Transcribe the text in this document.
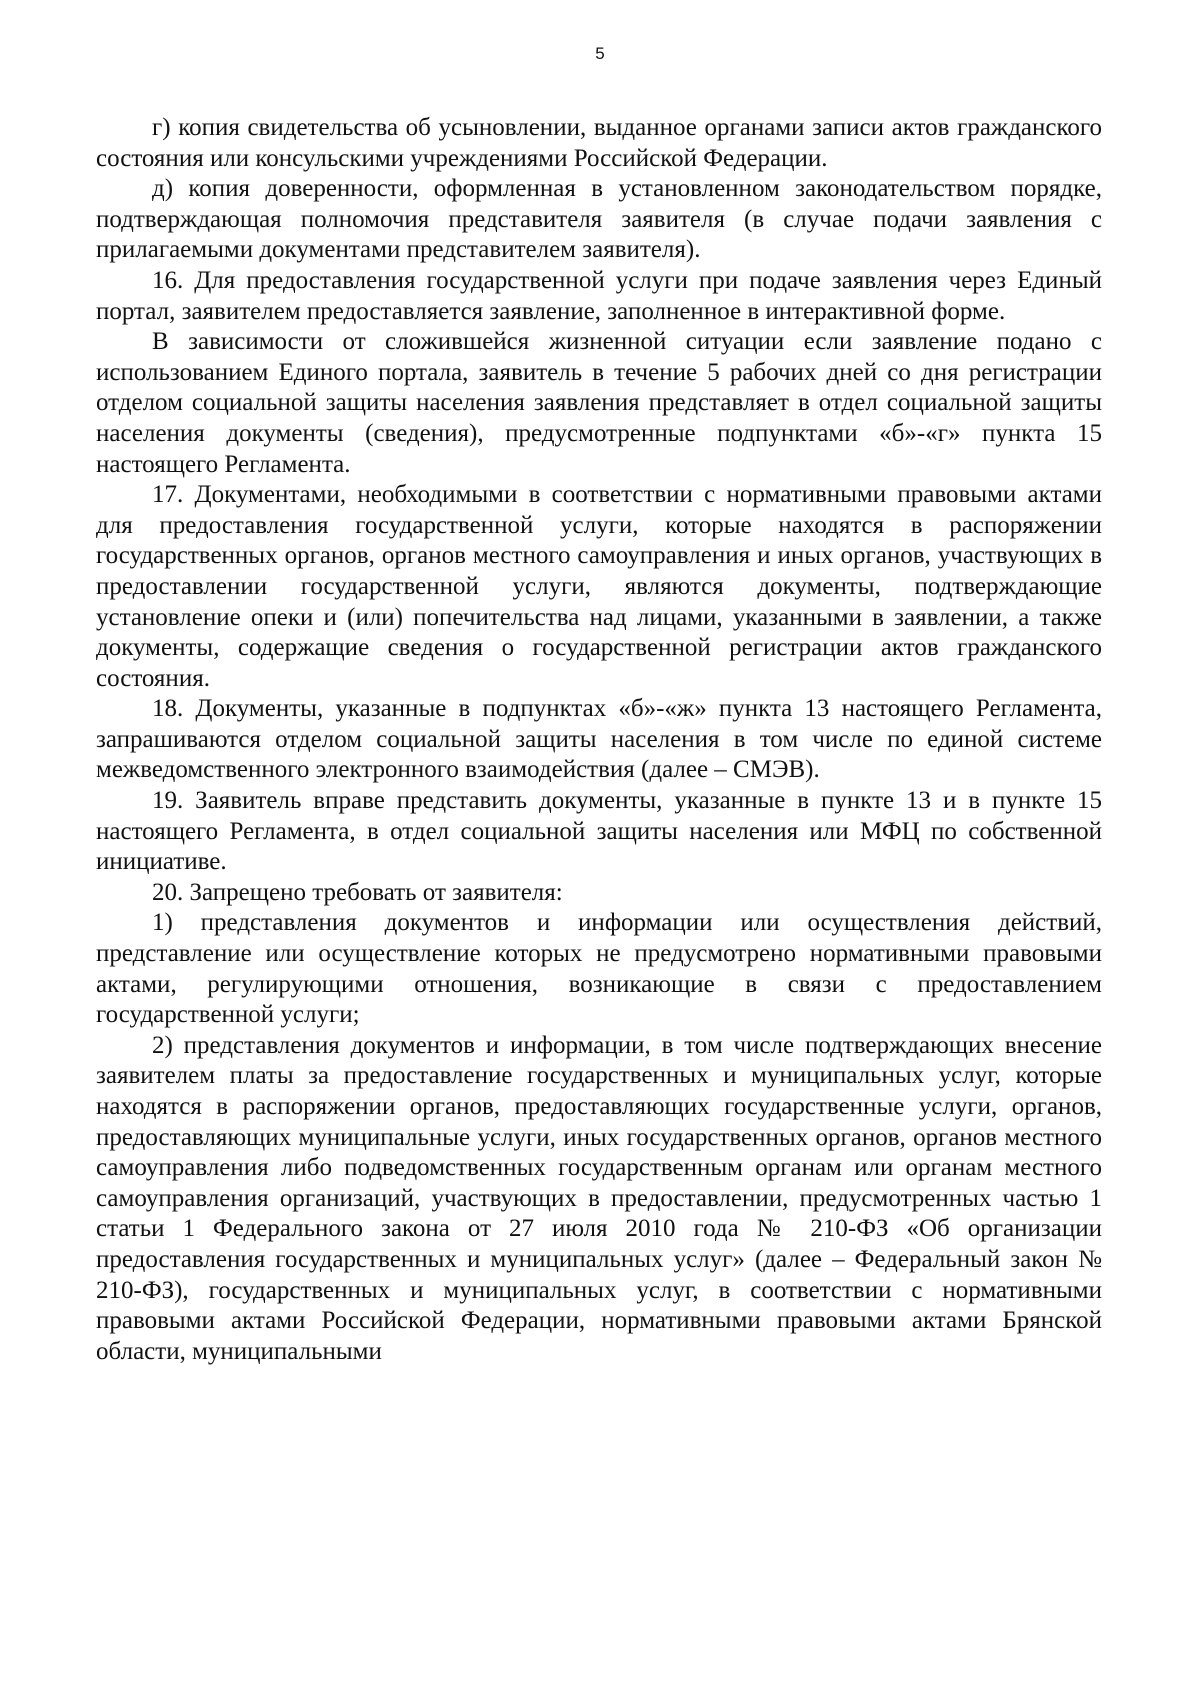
5

г) копия свидетельства об усыновлении, выданное органами записи актов гражданского состояния или консульскими учреждениями Российской Федерации.

д) копия доверенности, оформленная в установленном законодательством порядке, подтверждающая полномочия представителя заявителя (в случае подачи заявления с прилагаемыми документами представителем заявителя).

16. Для предоставления государственной услуги при подаче заявления через Единый портал, заявителем предоставляется заявление, заполненное в интерактивной форме.

В зависимости от сложившейся жизненной ситуации если заявление подано с использованием Единого портала, заявитель в течение 5 рабочих дней со дня регистрации отделом социальной защиты населения заявления представляет в отдел социальной защиты населения документы (сведения), предусмотренные подпунктами «б»-«г» пункта 15 настоящего Регламента.

17. Документами, необходимыми в соответствии с нормативными правовыми актами для предоставления государственной услуги, которые находятся в распоряжении государственных органов, органов местного самоуправления и иных органов, участвующих в предоставлении государственной услуги, являются документы, подтверждающие установление опеки и (или) попечительства над лицами, указанными в заявлении, а также документы, содержащие сведения о государственной регистрации актов гражданского состояния.

18. Документы, указанные в подпунктах «б»-«ж» пункта 13 настоящего Регламента, запрашиваются отделом социальной защиты населения в том числе по единой системе межведомственного электронного взаимодействия (далее – СМЭВ).

19. Заявитель вправе представить документы, указанные в пункте 13 и в пункте 15 настоящего Регламента, в отдел социальной защиты населения или МФЦ по собственной инициативе.

20. Запрещено требовать от заявителя:

1) представления документов и информации или осуществления действий, представление или осуществление которых не предусмотрено нормативными правовыми актами, регулирующими отношения, возникающие в связи с предоставлением государственной услуги;

2) представления документов и информации, в том числе подтверждающих внесение заявителем платы за предоставление государственных и муниципальных услуг, которые находятся в распоряжении органов, предоставляющих государственные услуги, органов, предоставляющих муниципальные услуги, иных государственных органов, органов местного самоуправления либо подведомственных государственным органам или органам местного самоуправления организаций, участвующих в предоставлении, предусмотренных частью 1 статьи 1 Федерального закона от 27 июля 2010 года № 210-ФЗ «Об организации предоставления государственных и муниципальных услуг» (далее – Федеральный закон № 210-ФЗ), государственных и муниципальных услуг, в соответствии с нормативными правовыми актами Российской Федерации, нормативными правовыми актами Брянской области, муниципальными
